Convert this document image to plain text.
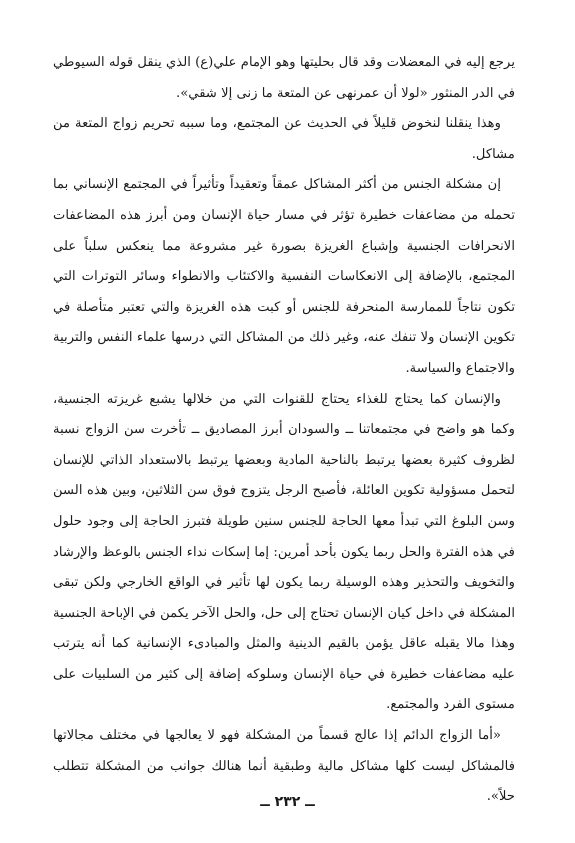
يرجع إليه في المعضلات وقد قال بحليتها وهو الإمام علي(ع) الذي ينقل قوله السيوطي في الدر المنثور «لولا أن عمرنهى عن المتعة ما زنى إلا شقي».

وهذا ينقلنا لنخوض قليلاً في الحديث عن المجتمع، وما سببه تحريم زواج المتعة من مشاكل.

إن مشكلة الجنس من أكثر المشاكل عمقاً وتعقيداً وتأثيراً في المجتمع الإنساني بما تحمله من مضاعفات خطيرة تؤثر في مسار حياة الإنسان ومن أبرز هذه المضاعفات الانحرافات الجنسية وإشباع الغريزة بصورة غير مشروعة مما ينعكس سلباً على المجتمع، بالإضافة إلى الانعكاسات النفسية والاكتئاب والانطواء وسائر التوترات التي تكون نتاجاً للممارسة المنحرفة للجنس أو كبت هذه الغريزة والتي تعتبر متأصلة في تكوين الإنسان ولا تنفك عنه، وغير ذلك من المشاكل التي درسها علماء النفس والتربية والاجتماع والسياسة.

والإنسان كما يحتاج للغذاء يحتاج للقنوات التي من خلالها يشبع غريزته الجنسية، وكما هو واضح في مجتمعاتنا ــ والسودان أبرز المصاديق ــ تأخرت سن الزواج نسبة لظروف كثيرة بعضها يرتبط بالناحية المادية وبعضها يرتبط بالاستعداد الذاتي للإنسان لتحمل مسؤولية تكوين العائلة، فأصبح الرجل يتزوج فوق سن الثلاثين، وبين هذه السن وسن البلوغ التي تبدأ معها الحاجة للجنس سنين طويلة فتبرز الحاجة إلى وجود حلول في هذه الفترة والحل ربما يكون بأحد أمرين: إما إسكات نداء الجنس بالوعظ والإرشاد والتخويف والتحذير وهذه الوسيلة ربما يكون لها تأثير في الواقع الخارجي ولكن تبقى المشكلة في داخل كيان الإنسان تحتاج إلى حل، والحل الآخر يكمن في الإباحة الجنسية وهذا مالا يقبله عاقل يؤمن بالقيم الدينية والمثل والمبادىء الإنسانية كما أنه يترتب عليه مضاعفات خطيرة في حياة الإنسان وسلوكه إضافة إلى كثير من السلبيات على مستوى الفرد والمجتمع.

«أما الزواج الدائم إذا عالج قسماً من المشكلة فهو لا يعالجها في مختلف مجالاتها فالمشاكل ليست كلها مشاكل مالية وطبقية أنما هنالك جوانب من المشكلة تتطلب حلاً».

ــ ٢٣٢ ــ
